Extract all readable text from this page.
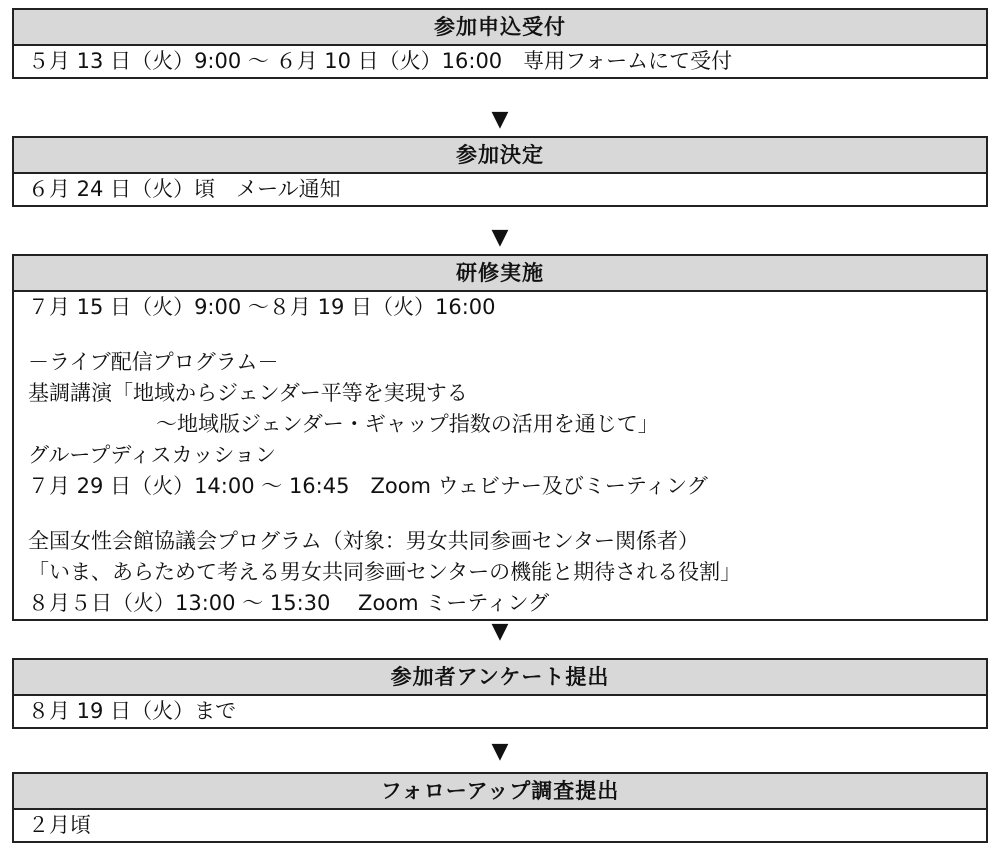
参加申込受付
５月 13 日（火）9:00 ～ ６月 10 日（火）16:00　専用フォームにて受付
▼
参加決定
６月 24 日（火）頃　メール通知
▼
研修実施
７月 15 日（火）9:00 ～８月 19 日（火）16:00
－ライブ配信プログラム－
基調講演「地域からジェンダー平等を実現する
～地域版ジェンダー・ギャップ指数の活用を通じて」
グループディスカッション
７月 29 日（火）14:00 ～ 16:45　Zoom ウェビナー及びミーティング
全国女性会館協議会プログラム（対象：男女共同参画センター関係者）
「いま、あらためて考える男女共同参画センターの機能と期待される役割」
８月５日（火）13:00 ～ 15:30　 Zoom ミーティング
▼
参加者アンケート提出
８月 19 日（火）まで
▼
フォローアップ調査提出
２月頃
